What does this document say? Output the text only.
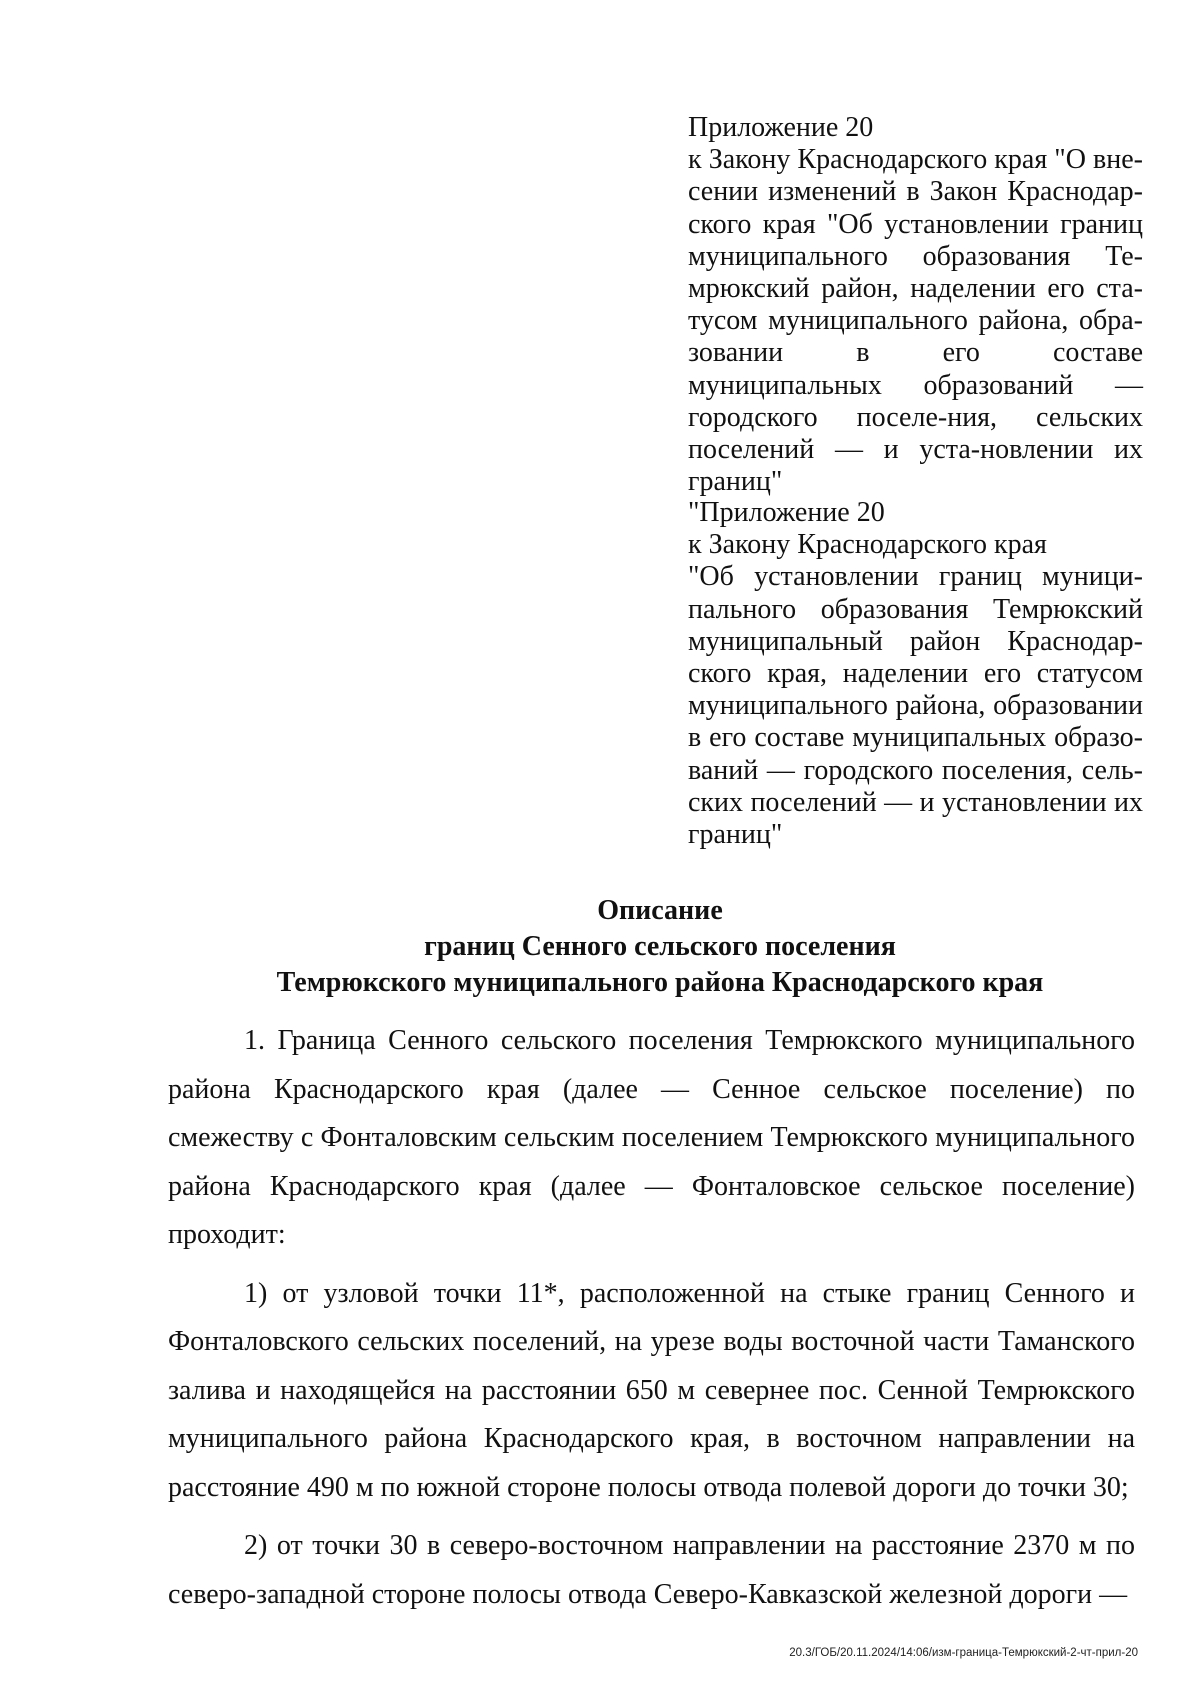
Приложение 20
к Закону Краснодарского края "О вне-сении изменений в Закон Краснодар-ского края "Об установлении границ муниципального образования Те-мрюкский район, наделении его ста-тусом муниципального района, обра-зовании в его составе муниципальных образований — городского поселе-ния, сельских поселений — и уста-новлении их границ"
"Приложение 20
к Закону Краснодарского края
"Об установлении границ муници-пального образования Темрюкский муниципальный район Краснодар-ского края, наделении его статусом муниципального района, образовании в его составе муниципальных образо-ваний — городского поселения, сель-ских поселений — и установлении их границ"
Описание
границ Сенного сельского поселения
Темрюкского муниципального района Краснодарского края

1. Граница Сенного сельского поселения Темрюкского муниципального района Краснодарского края (далее — Сенное сельское поселение) по смежеству с Фонталовским сельским поселением Темрюкского муниципального района Краснодарского края (далее — Фонталовское сельское поселение) проходит:

1) от узловой точки 11*, расположенной на стыке границ Сенного и Фонталовского сельских поселений, на урезе воды восточной части Таманского залива и находящейся на расстоянии 650 м севернее пос. Сенной Темрюкского муниципального района Краснодарского края, в восточном направлении на расстояние 490 м по южной стороне полосы отвода полевой дороги до точки 30;

2) от точки 30 в северо-восточном направлении на расстояние 2370 м по северо-западной стороне полосы отвода Северо-Кавказской железной дороги —

20.3/ГОБ/20.11.2024/14:06/изм-граница-Темрюкский-2-чт-прил-20
